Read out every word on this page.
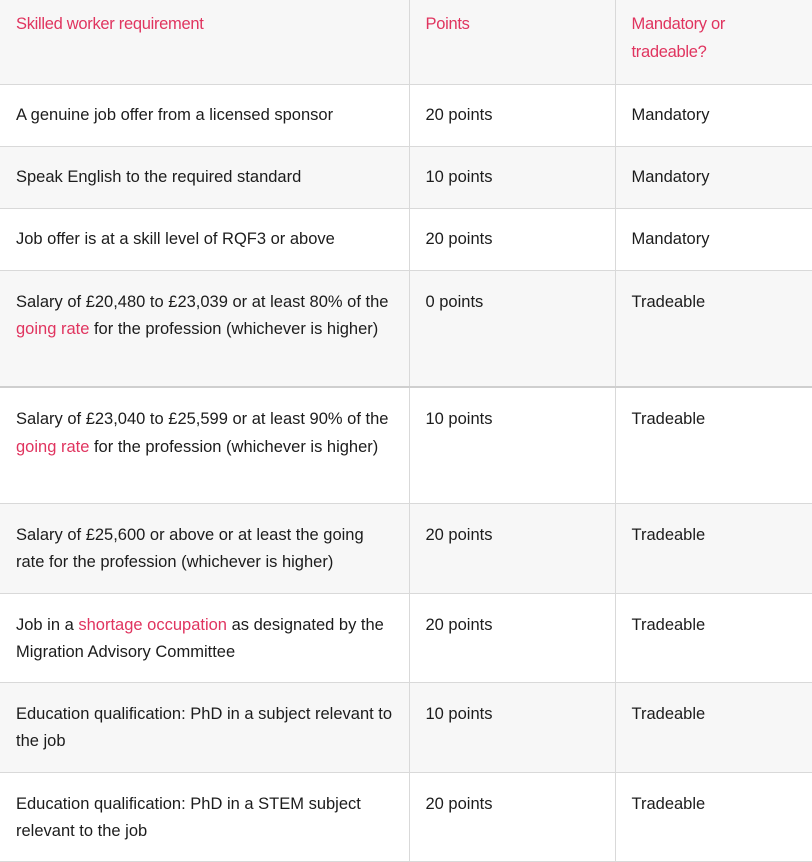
Skilled worker requirement	Points	Mandatory or
tradeable?
A genuine job offer from a licensed sponsor	20 points	Mandatory
Speak English to the required standard	10 points	Mandatory
Job offer is at a skill level of RQF3 or above	20 points	Mandatory
Salary of £20,480 to £23,039 or at least 80% of the going rate for the profession (whichever is higher)	0 points	Tradeable
Salary of £23,040 to £25,599 or at least 90% of the going rate for the profession (whichever is higher)	10 points	Tradeable
Salary of £25,600 or above or at least the going rate for the profession (whichever is higher)	20 points	Tradeable
Job in a shortage occupation as designated by the Migration Advisory Committee	20 points	Tradeable
Education qualification: PhD in a subject relevant to the job	10 points	Tradeable
Education qualification: PhD in a STEM subject relevant to the job	20 points	Tradeable
